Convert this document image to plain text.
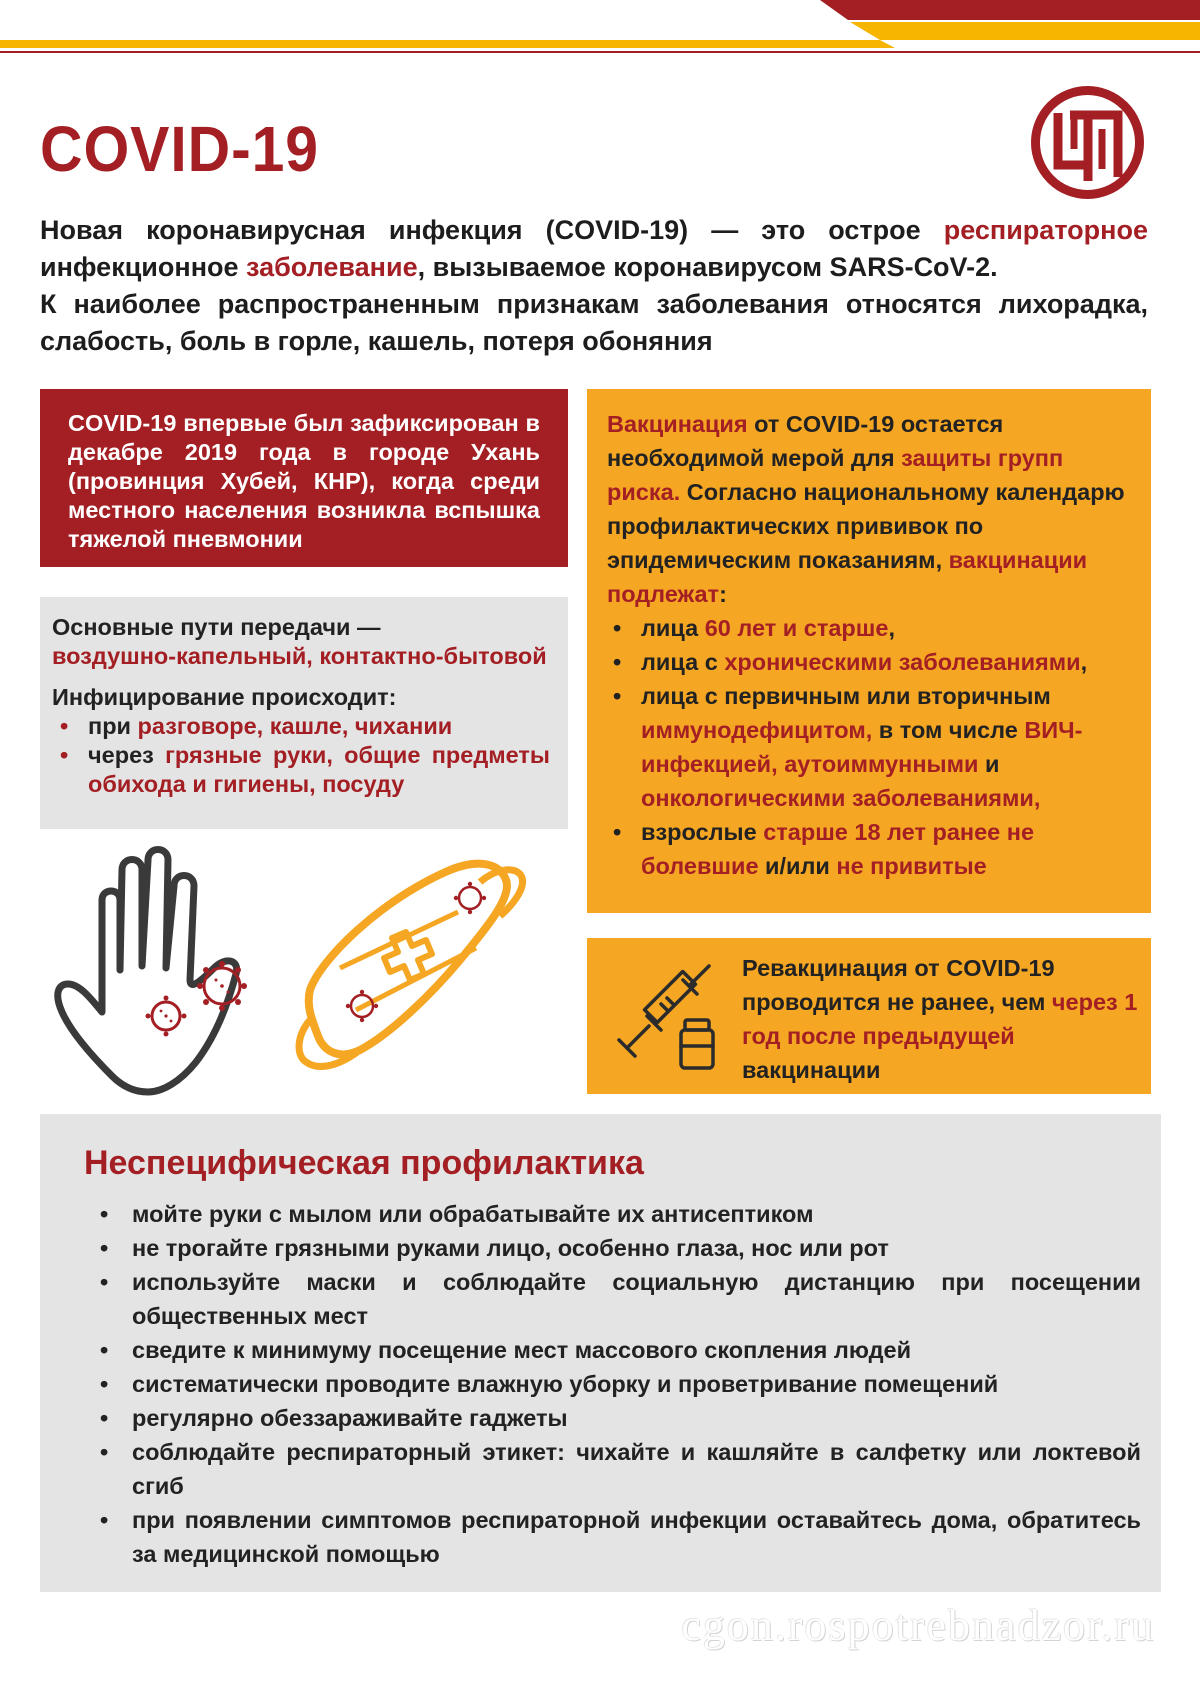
COVID-19

Новая коронавирусная инфекция (COVID-19) — это острое респираторное инфекционное заболевание, вызываемое коронавирусом SARS-CoV-2.

К наиболее распространенным признакам заболевания относятся лихорадка, слабость, боль в горле, кашель, потеря обоняния

COVID-19 впервые был зафиксирован в декабре 2019 года в городе Ухань (провинция Хубей, КНР), когда среди местного населения возникла вспышка тяжелой пневмонии

Основные пути передачи —

воздушно-капельный, контактно-бытовой

Инфицирование происходит:

• при разговоре, кашле, чихании
• через грязные руки, общие предметы обихода и гигиены, посуду

Вакцинация от COVID-19 остается необходимой мерой для защиты групп риска. Согласно национальному календарю профилактических прививок по эпидемическим показаниям, вакцинации подлежат:

• лица 60 лет и старше,
• лица с хроническими заболеваниями,
• лица с первичным или вторичным иммунодефицитом, в том числе ВИЧ-инфекцией, аутоиммунными и онкологическими заболеваниями,
• взрослые старше 18 лет ранее не болевшие и/или не привитые
Ревакцинация от COVID-19 проводится не ранее, чем через 1 год после предыдущей вакцинации
Неспецифическая профилактика
• мойте руки с мылом или обрабатывайте их антисептиком
• не трогайте грязными руками лицо, особенно глаза, нос или рот
• используйте маски и соблюдайте социальную дистанцию при посещении общественных мест
• сведите к минимуму посещение мест массового скопления людей
• систематически проводите влажную уборку и проветривание помещений
• регулярно обеззараживайте гаджеты
• соблюдайте респираторный этикет: чихайте и кашляйте в салфетку или локтевой сгиб
• при появлении симптомов респираторной инфекции оставайтесь дома, обратитесь за медицинской помощью
cgon.rospotrebnadzor.ru
